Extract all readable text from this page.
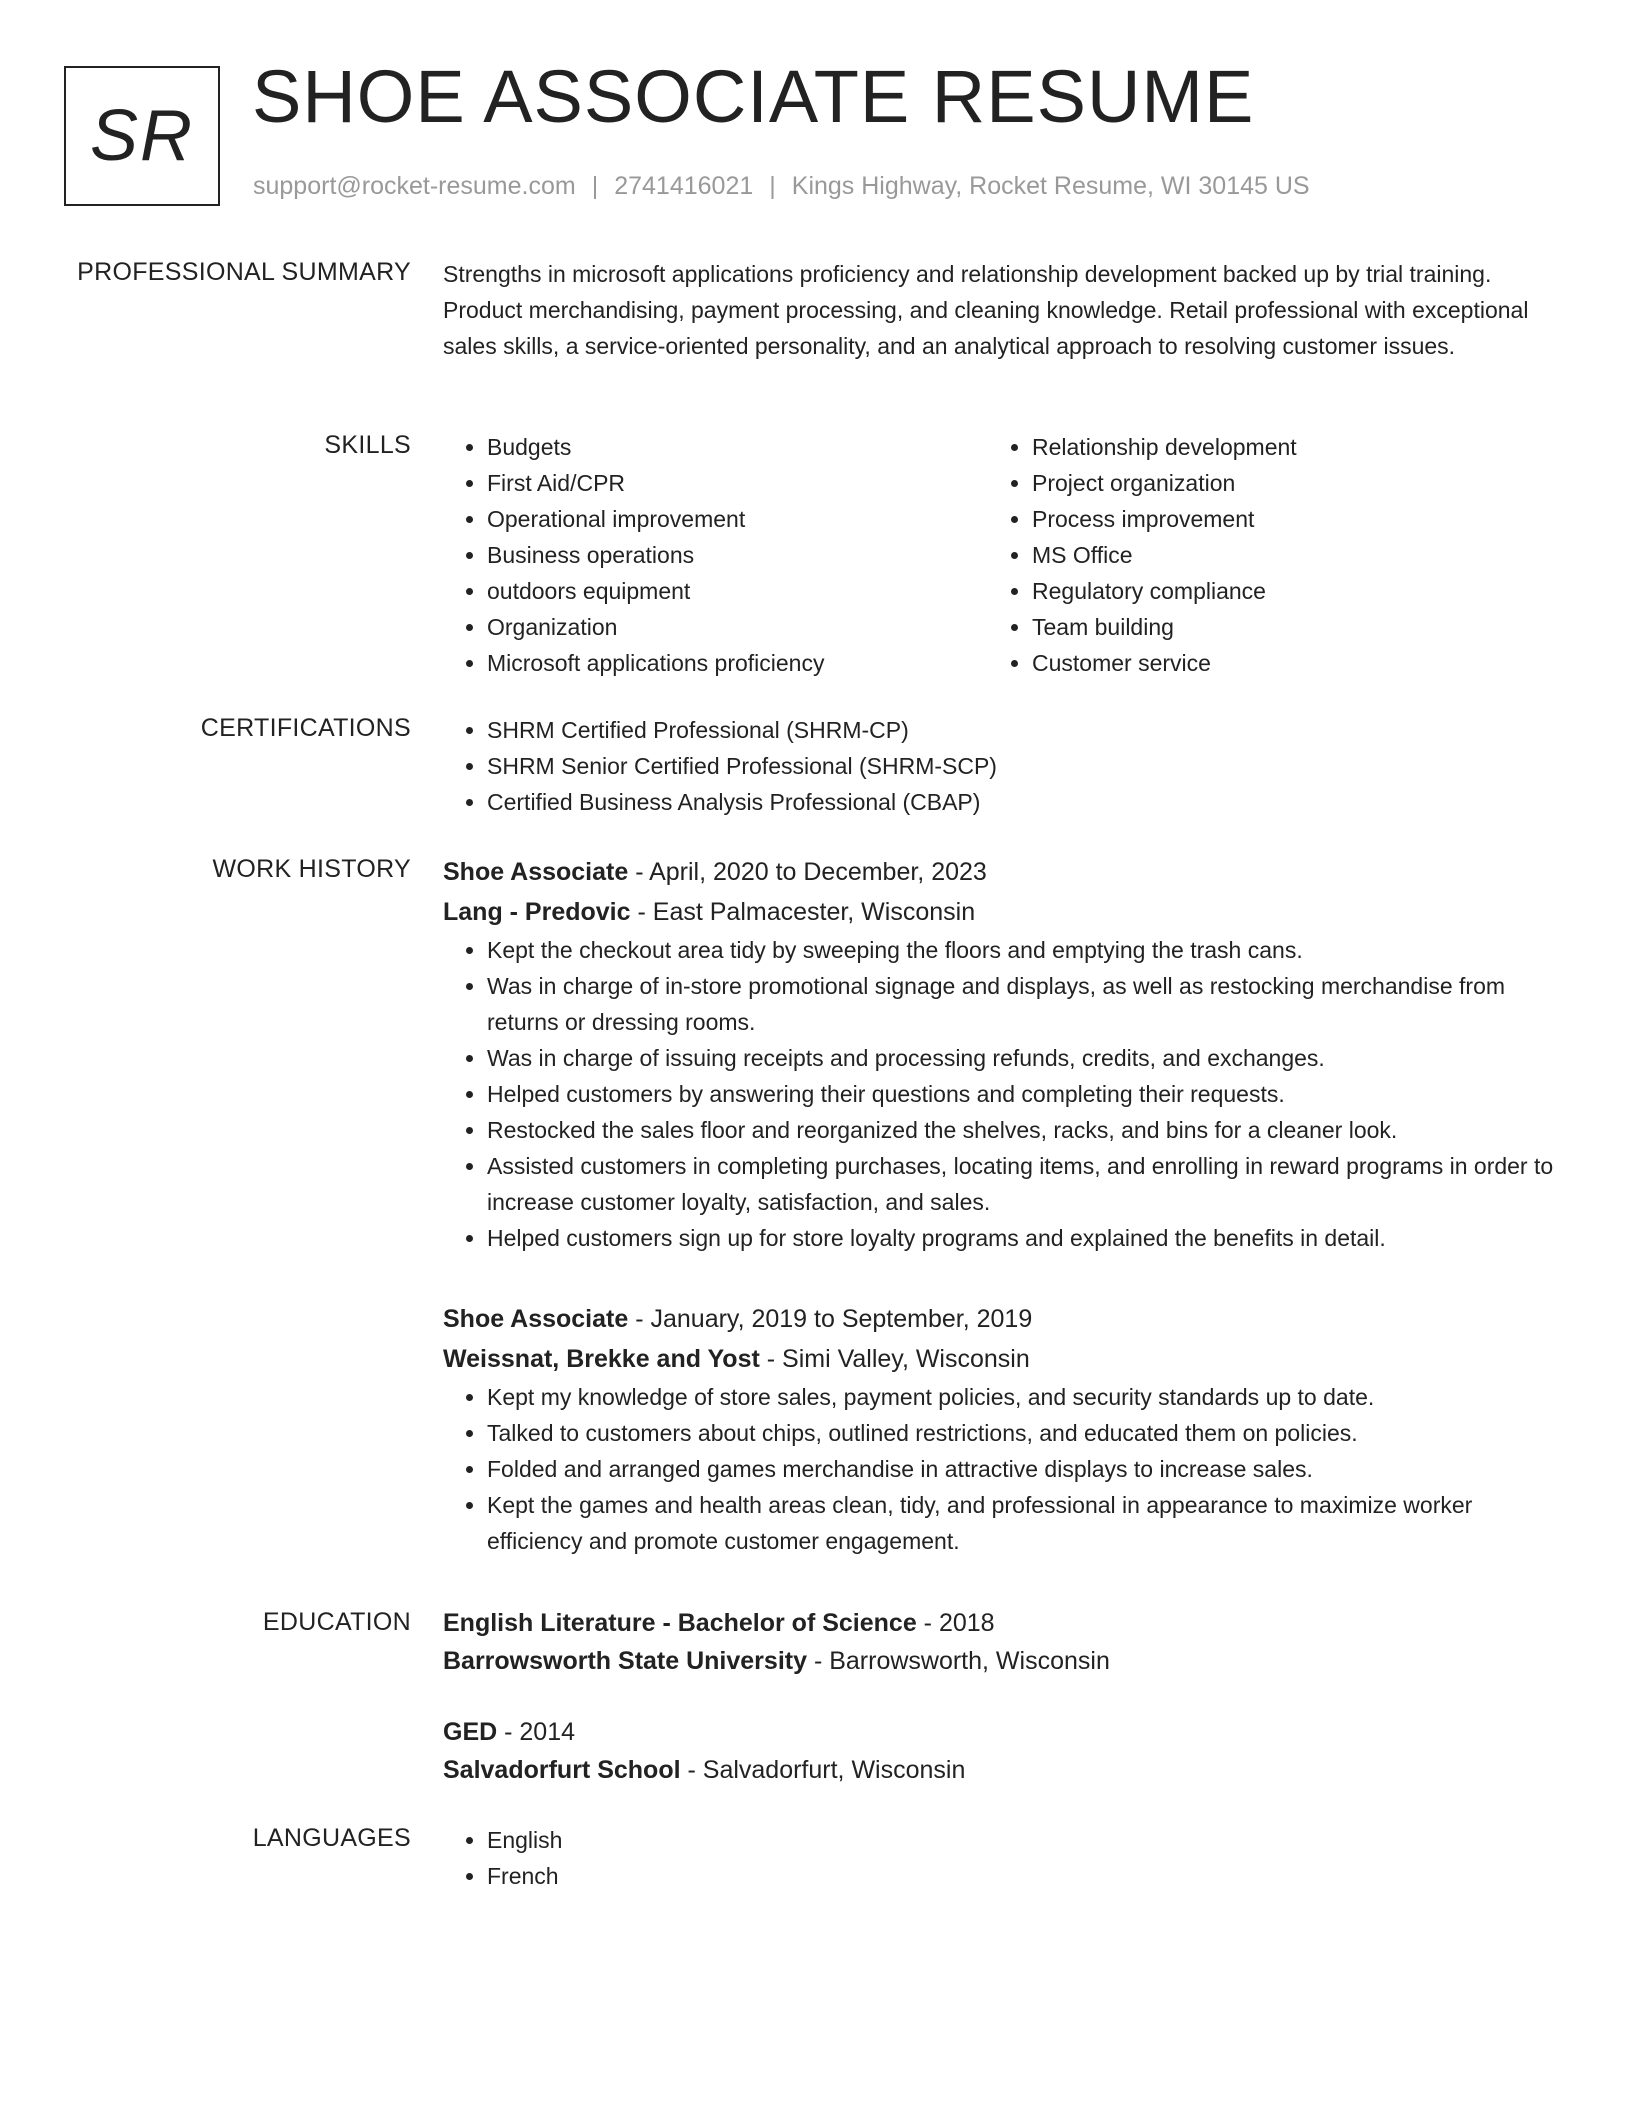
SR SHOE ASSOCIATE RESUME
support@rocket-resume.com | 2741416021 | Kings Highway, Rocket Resume, WI 30145 US
PROFESSIONAL SUMMARY Strengths in microsoft applications proficiency and relationship development backed up by trial training. Product merchandising, payment processing, and cleaning knowledge. Retail professional with exceptional sales skills, a service-oriented personality, and an analytical approach to resolving customer issues.

SKILLS	• Budgets
• First Aid/CPR
• Operational improvement
• Business operations
• outdoors equipment
• Organization
• Microsoft applications proficiency
• Relationship development
• Project organization
• Process improvement
• MS Office
• Regulatory compliance
• Team building
• Customer service
CERTIFICATIONS	• SHRM Certified Professional (SHRM-CP)
• SHRM Senior Certified Professional (SHRM-SCP)
• Certified Business Analysis Professional (CBAP)
WORK HISTORY Shoe Associate - April, 2020 to December, 2023
Lang - Predovic - East Palmacester, Wisconsin
• Kept the checkout area tidy by sweeping the floors and emptying the trash cans.
• Was in charge of in-store promotional signage and displays, as well as restocking merchandise from returns or dressing rooms.
• Was in charge of issuing receipts and processing refunds, credits, and exchanges.
• Helped customers by answering their questions and completing their requests.
• Restocked the sales floor and reorganized the shelves, racks, and bins for a cleaner look.
• Assisted customers in completing purchases, locating items, and enrolling in reward programs in order to increase customer loyalty, satisfaction, and sales.
• Helped customers sign up for store loyalty programs and explained the benefits in detail.
Shoe Associate - January, 2019 to September, 2019
Weissnat, Brekke and Yost - Simi Valley, Wisconsin
• Kept my knowledge of store sales, payment policies, and security standards up to date.
• Talked to customers about chips, outlined restrictions, and educated them on policies.
• Folded and arranged games merchandise in attractive displays to increase sales.
• Kept the games and health areas clean, tidy, and professional in appearance to maximize worker efficiency and promote customer engagement.
EDUCATION English Literature - Bachelor of Science - 2018
Barrowsworth State University - Barrowsworth, Wisconsin
GED - 2014
Salvadorfurt School - Salvadorfurt, Wisconsin
LANGUAGES	• English
• French
